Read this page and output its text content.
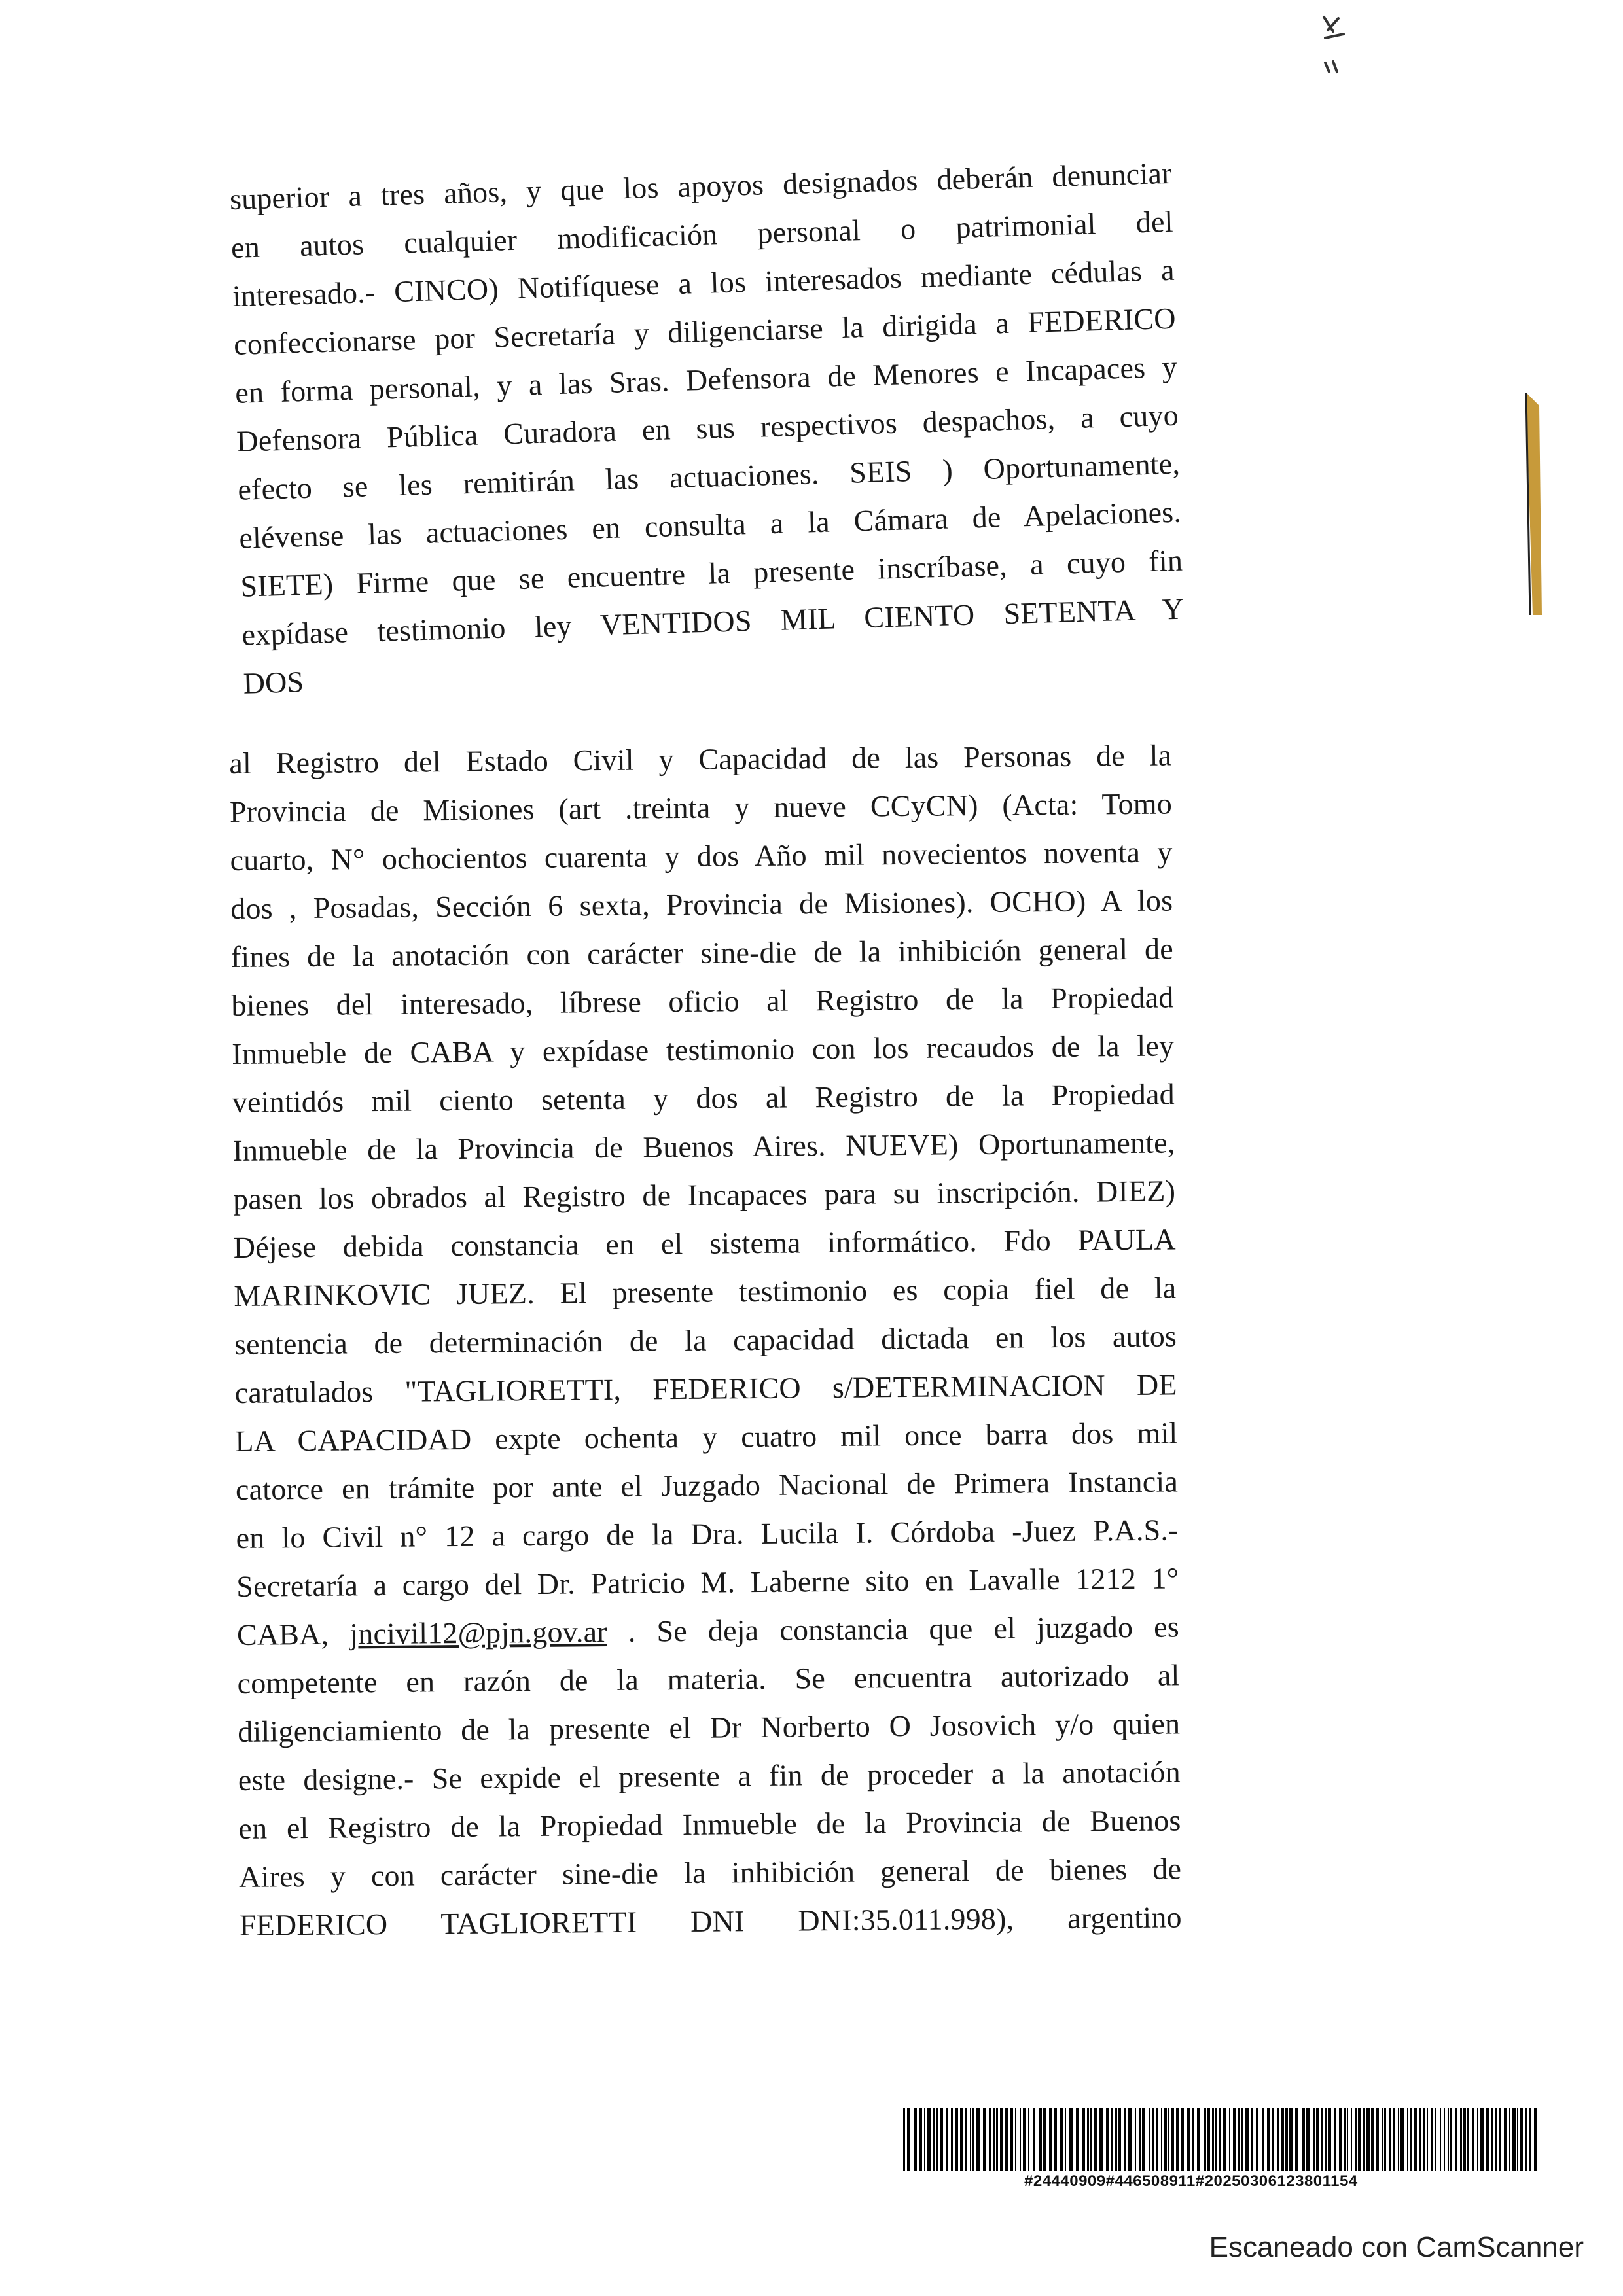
superior a tres años, y que los apoyos designados deberán denunciar
en autos cualquier modificación personal o patrimonial del
interesado.- CINCO) Notifíquese a los interesados mediante cédulas a
confeccionarse por Secretaría y diligenciarse la dirigida a FEDERICO
en forma personal, y a las Sras. Defensora de Menores e Incapaces y
Defensora Pública Curadora en sus respectivos despachos, a cuyo
efecto se les remitirán las actuaciones. SEIS ) Oportunamente,
elévense las actuaciones en consulta a la Cámara de Apelaciones.
SIETE) Firme que se encuentre la presente inscríbase, a cuyo fin
expídase testimonio ley VENTIDOS MIL CIENTO SETENTA Y
DOS
al Registro del Estado Civil y Capacidad de las Personas de la
Provincia de Misiones (art .treinta y nueve CCyCN) (Acta: Tomo
cuarto, N° ochocientos cuarenta y dos Año mil novecientos noventa y
dos , Posadas, Sección 6 sexta, Provincia de Misiones). OCHO) A los
fines de la anotación con carácter sine-die de la inhibición general de
bienes del interesado, líbrese oficio al Registro de la Propiedad
Inmueble de CABA y expídase testimonio con los recaudos de la ley
veintidós mil ciento setenta y dos al Registro de la Propiedad
Inmueble de la Provincia de Buenos Aires. NUEVE) Oportunamente,
pasen los obrados al Registro de Incapaces para su inscripción. DIEZ)
Déjese debida constancia en el sistema informático. Fdo PAULA
MARINKOVIC JUEZ. El presente testimonio es copia fiel de la
sentencia de determinación de la capacidad dictada en los autos
caratulados "TAGLIORETTI, FEDERICO s/DETERMINACION DE
LA CAPACIDAD expte ochenta y cuatro mil once barra dos mil
catorce en trámite por ante el Juzgado Nacional de Primera Instancia
en lo Civil n° 12 a cargo de la Dra. Lucila I. Córdoba -Juez P.A.S.-
Secretaría a cargo del Dr. Patricio M. Laberne sito en Lavalle 1212 1°
CABA, jncivil12@pjn.gov.ar . Se deja constancia que el juzgado es
competente en razón de la materia. Se encuentra autorizado al
diligenciamiento de la presente el Dr Norberto O Josovich y/o quien
este designe.- Se expide el presente a fin de proceder a la anotación
en el Registro de la Propiedad Inmueble de la Provincia de Buenos
Aires y con carácter sine-die la inhibición general de bienes de
FEDERICO TAGLIORETTI DNI DNI:35.011.998), argentino
#24440909#446508911#20250306123801154
Escaneado con CamScanner
